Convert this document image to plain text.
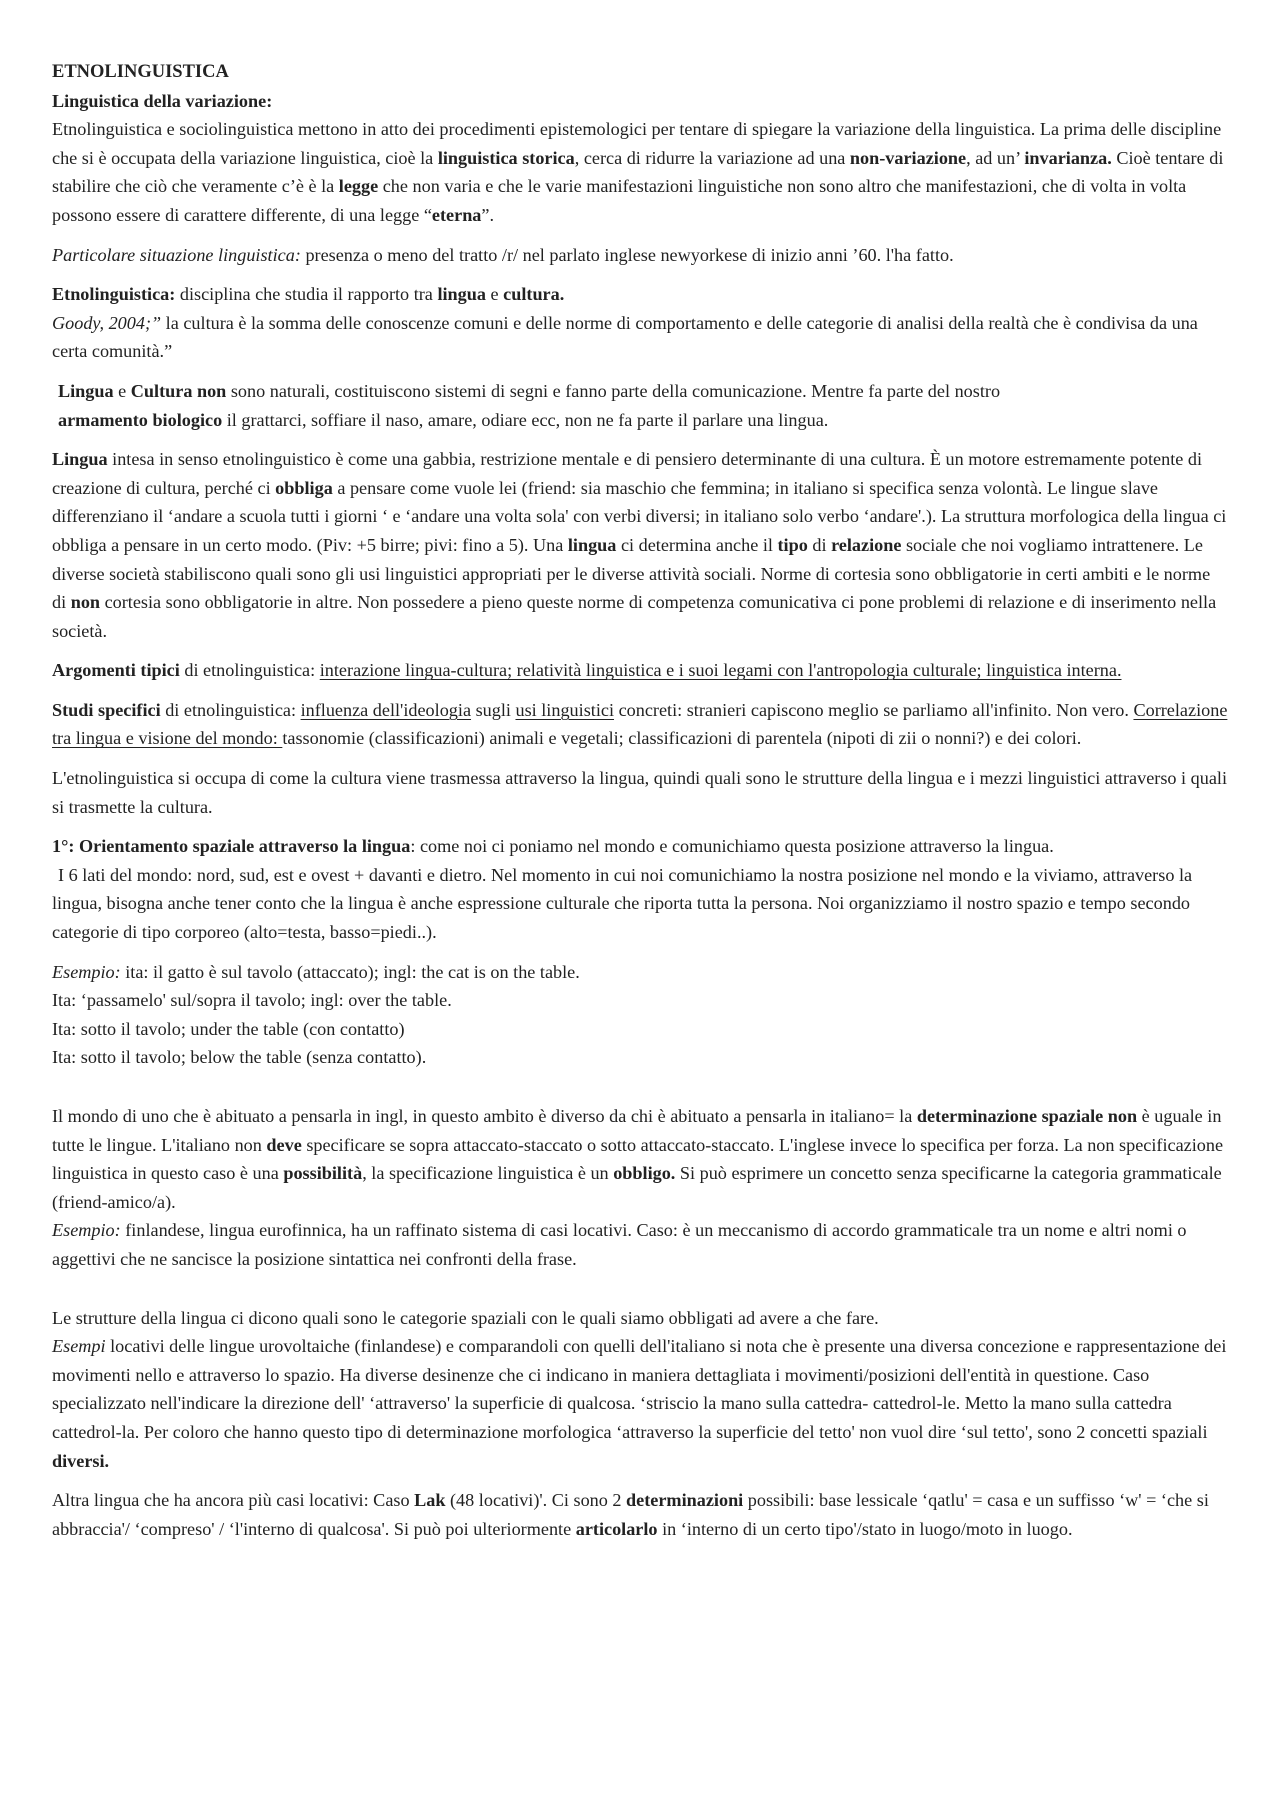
ETNOLINGUISTICA
Linguistica della variazione:
Etnolinguistica e sociolinguistica mettono in atto dei procedimenti epistemologici per tentare di spiegare la variazione della linguistica. La prima delle discipline che si è occupata della variazione linguistica, cioè la linguistica storica, cerca di ridurre la variazione ad una non-variazione, ad un’ invarianza. Cioè tentare di stabilire che ciò che veramente c’è è la legge che non varia e che le varie manifestazioni linguistiche non sono altro che manifestazioni, che di volta in volta possono essere di carattere differente, di una legge “eterna”.
Particolare situazione linguistica: presenza o meno del tratto /r/ nel parlato inglese newyorkese di inizio anni ’60. l'ha fatto.
Etnolinguistica: disciplina che studia il rapporto tra lingua e cultura.
Goody, 2004;” la cultura è la somma delle conoscenze comuni e delle norme di comportamento e delle categorie di analisi della realtà che è condivisa da una certa comunità.”
Lingua e Cultura non sono naturali, costituiscono sistemi di segni e fanno parte della comunicazione. Mentre fa parte del nostro
armamento biologico il grattarci, soffiare il naso, amare, odiare ecc, non ne fa parte il parlare una lingua.
Lingua intesa in senso etnolinguistico è come una gabbia, restrizione mentale e di pensiero determinante di una cultura. È un motore estremamente potente di creazione di cultura, perché ci obbliga a pensare come vuole lei (friend: sia maschio che femmina; in italiano si specifica senza volontà. Le lingue slave differenziano il ‘andare a scuola tutti i giorni ‘ e ‘andare una volta sola' con verbi diversi; in italiano solo verbo ‘andare'.). La struttura morfologica della lingua ci obbliga a pensare in un certo modo. (Piv: +5 birre; pivi: fino a 5). Una lingua ci determina anche il tipo di relazione sociale che noi vogliamo intrattenere. Le diverse società stabiliscono quali sono gli usi linguistici appropriati per le diverse attività sociali. Norme di cortesia sono obbligatorie in certi ambiti e le norme di non cortesia sono obbligatorie in altre. Non possedere a pieno queste norme di competenza comunicativa ci pone problemi di relazione e di inserimento nella società.
Argomenti tipici di etnolinguistica: interazione lingua-cultura; relatività linguistica e i suoi legami con l'antropologia culturale; linguistica interna.
Studi specifici di etnolinguistica: influenza dell'ideologia sugli usi linguistici concreti: stranieri capiscono meglio se parliamo all'infinito. Non vero. Correlazione tra lingua e visione del mondo: tassonomie (classificazioni) animali e vegetali; classificazioni di parentela (nipoti di zii o nonni?) e dei colori.
L'etnolinguistica si occupa di come la cultura viene trasmessa attraverso la lingua, quindi quali sono le strutture della lingua e i mezzi linguistici attraverso i quali si trasmette la cultura.
1°: Orientamento spaziale attraverso la lingua: come noi ci poniamo nel mondo e comunichiamo questa posizione attraverso la lingua.
I 6 lati del mondo: nord, sud, est e ovest + davanti e dietro. Nel momento in cui noi comunichiamo la nostra posizione nel mondo e la viviamo, attraverso la lingua, bisogna anche tener conto che la lingua è anche espressione culturale che riporta tutta la persona. Noi organizziamo il nostro spazio e tempo secondo categorie di tipo corporeo (alto=testa, basso=piedi..).
Esempio: ita: il gatto è sul tavolo (attaccato); ingl: the cat is on the table.
Ita: ‘passamelo' sul/sopra il tavolo; ingl: over the table.
Ita: sotto il tavolo; under the table (con contatto)
Ita: sotto il tavolo; below the table (senza contatto).
Il mondo di uno che è abituato a pensarla in ingl, in questo ambito è diverso da chi è abituato a pensarla in italiano= la determinazione spaziale non è uguale in tutte le lingue. L'italiano non deve specificare se sopra attaccato-staccato o sotto attaccato-staccato. L'inglese invece lo specifica per forza. La non specificazione linguistica in questo caso è una possibilità, la specificazione linguistica è un obbligo. Si può esprimere un concetto senza specificarne la categoria grammaticale (friend-amico/a).
Esempio: finlandese, lingua eurofinnica, ha un raffinato sistema di casi locativi. Caso: è un meccanismo di accordo grammaticale tra un nome e altri nomi o aggettivi che ne sancisce la posizione sintattica nei confronti della frase.
Le strutture della lingua ci dicono quali sono le categorie spaziali con le quali siamo obbligati ad avere a che fare.
Esempi locativi delle lingue urovoltaiche (finlandese) e comparandoli con quelli dell'italiano si nota che è presente una diversa concezione e rappresentazione dei movimenti nello e attraverso lo spazio. Ha diverse desinenze che ci indicano in maniera dettagliata i movimenti/posizioni dell'entità in questione. Caso specializzato nell'indicare la direzione dell' ‘attraverso' la superficie di qualcosa. ‘striscio la mano sulla cattedra- cattedrol-le. Metto la mano sulla cattedra cattedrol-la. Per coloro che hanno questo tipo di determinazione morfologica ‘attraverso la superficie del tetto' non vuol dire ‘sul tetto', sono 2 concetti spaziali diversi.
Altra lingua che ha ancora più casi locativi: Caso Lak (48 locativi)'. Ci sono 2 determinazioni possibili: base lessicale ‘qatlu' = casa e un suffisso ‘w' = ‘che si abbraccia'/ ‘compreso' / ‘l'interno di qualcosa'. Si può poi ulteriormente articolarlo in ‘interno di un certo tipo'/stato in luogo/moto in luogo.
